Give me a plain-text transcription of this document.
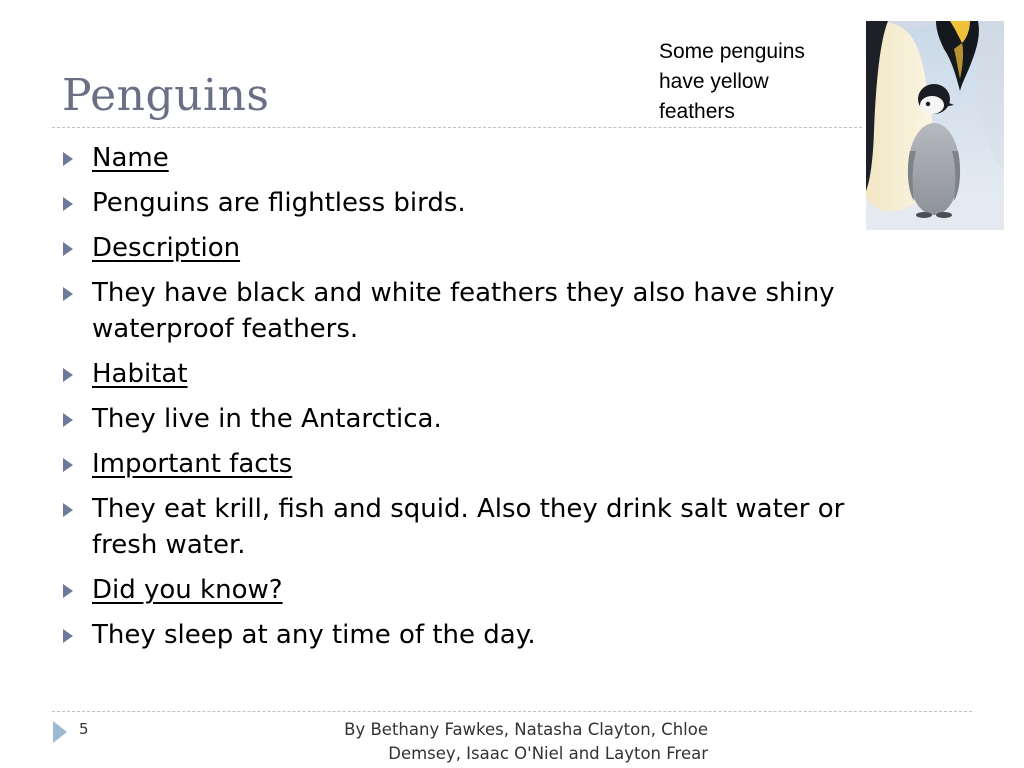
Penguins
Some penguins have yellow feathers
Name
Penguins are flightless birds.
Description
They have black and white feathers they also have shiny waterproof feathers.
Habitat
They live in the Antarctica.
Important facts
They eat krill, fish and squid. Also they drink salt water or fresh water.
Did you know?
They sleep at any time of the day.
5	By Bethany Fawkes, Natasha Clayton, Chloe Demsey, Isaac O'Niel and Layton Frear
